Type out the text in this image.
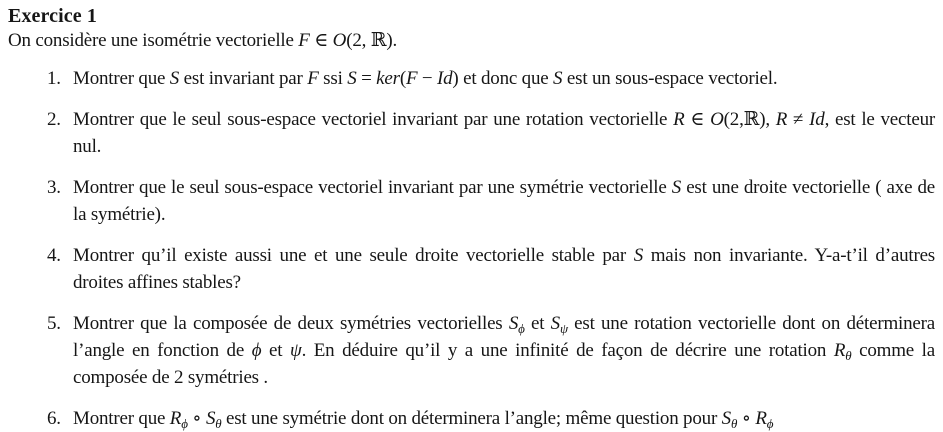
Exercice 1

On considère une isométrie vectorielle F ∈ O(2, ℝ).

1. Montrer que S est invariant par F ssi S = ker(F − Id) et donc que S est un sous-espace vectoriel.
2. Montrer que le seul sous-espace vectoriel invariant par une rotation vectorielle R ∈ O(2,ℝ), R ≠ Id, est le vecteur nul.
3. Montrer que le seul sous-espace vectoriel invariant par une symétrie vectorielle S est une droite vectorielle ( axe de la symétrie).
4. Montrer qu’il existe aussi une et une seule droite vectorielle stable par S mais non invariante. Y-a-t’il d’autres droites affines stables?
5. Montrer que la composée de deux symétries vectorielles $S_\phi$ et $S_\psi$ est une rotation vectorielle dont on déterminera l’angle en fonction de ϕ et ψ. En déduire qu’il y a une infinité de façon de décrire une rotation $R_\theta$ comme la composée de 2 symétries .
6. Montrer que $R_\phi$ ∘ $S_\theta$ est une symétrie dont on déterminera l’angle; même question pour $S_\theta$ ∘ $R_\phi$
